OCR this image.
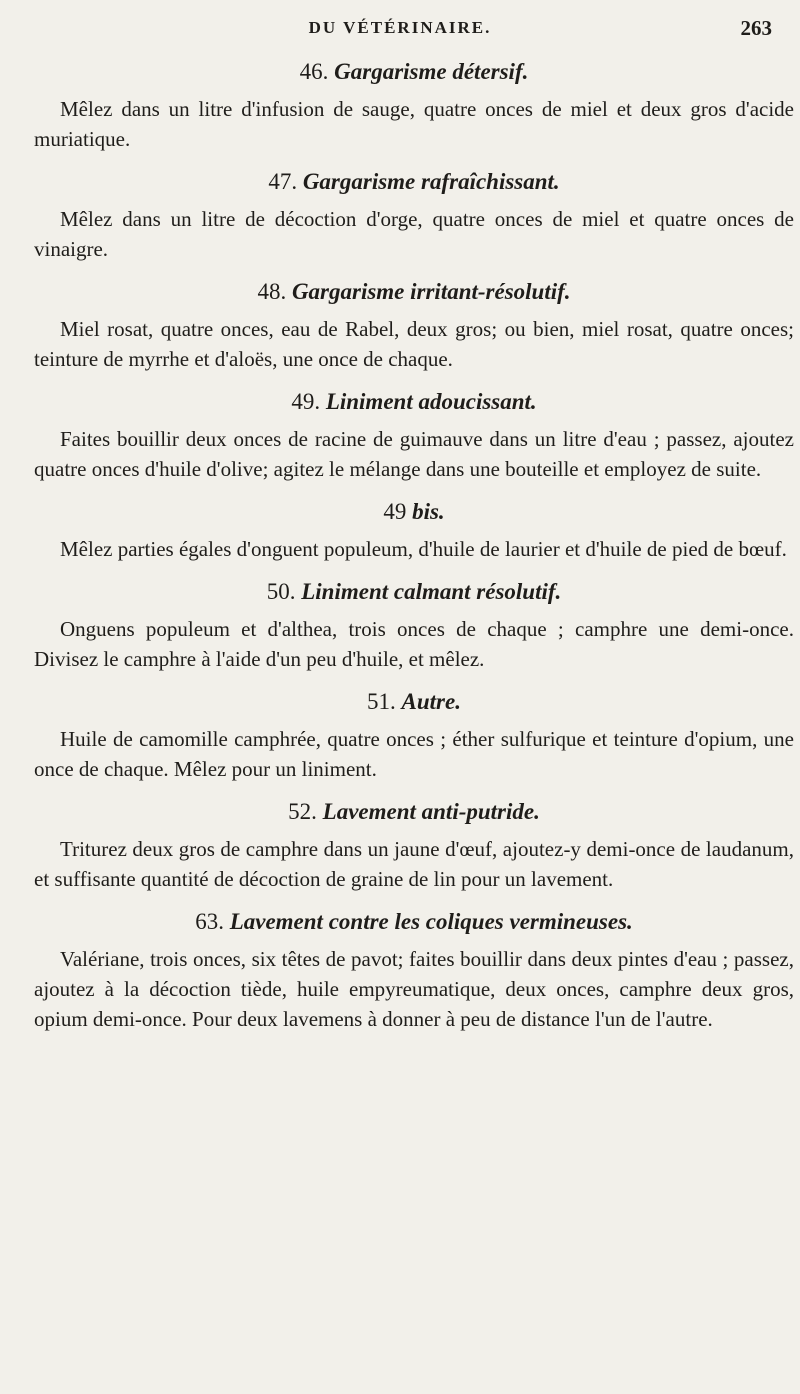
DU VÉTÉRINAIRE.	263
46. Gargarisme détersif.

Mêlez dans un litre d'infusion de sauge, quatre onces de miel et deux gros d'acide muriatique.

47. Gargarisme rafraîchissant.

Mêlez dans un litre de décoction d'orge, quatre onces de miel et quatre onces de vinaigre.

48. Gargarisme irritant-résolutif.

Miel rosat, quatre onces, eau de Rabel, deux gros; ou bien, miel rosat, quatre onces; teinture de myrrhe et d'aloës, une once de chaque.

49. Liniment adoucissant.

Faites bouillir deux onces de racine de guimauve dans un litre d'eau ; passez, ajoutez quatre onces d'huile d'olive; agitez le mélange dans une bouteille et employez de suite.

49 bis.

Mêlez parties égales d'onguent populeum, d'huile de laurier et d'huile de pied de bœuf.

50. Liniment calmant résolutif.

Onguens populeum et d'althea, trois onces de chaque ; camphre une demi-once. Divisez le camphre à l'aide d'un peu d'huile, et mêlez.

51. Autre.

Huile de camomille camphrée, quatre onces ; éther sulfurique et teinture d'opium, une once de chaque. Mêlez pour un liniment.

52. Lavement anti-putride.

Triturez deux gros de camphre dans un jaune d'œuf, ajoutez-y demi-once de laudanum, et suffisante quantité de décoction de graine de lin pour un lavement.

63. Lavement contre les coliques vermineuses.

Valériane, trois onces, six têtes de pavot; faites bouillir dans deux pintes d'eau ; passez, ajoutez à la décoction tiède, huile empyreumatique, deux onces, camphre deux gros, opium demi-once. Pour deux lavemens à donner à peu de distance l'un de l'autre.
